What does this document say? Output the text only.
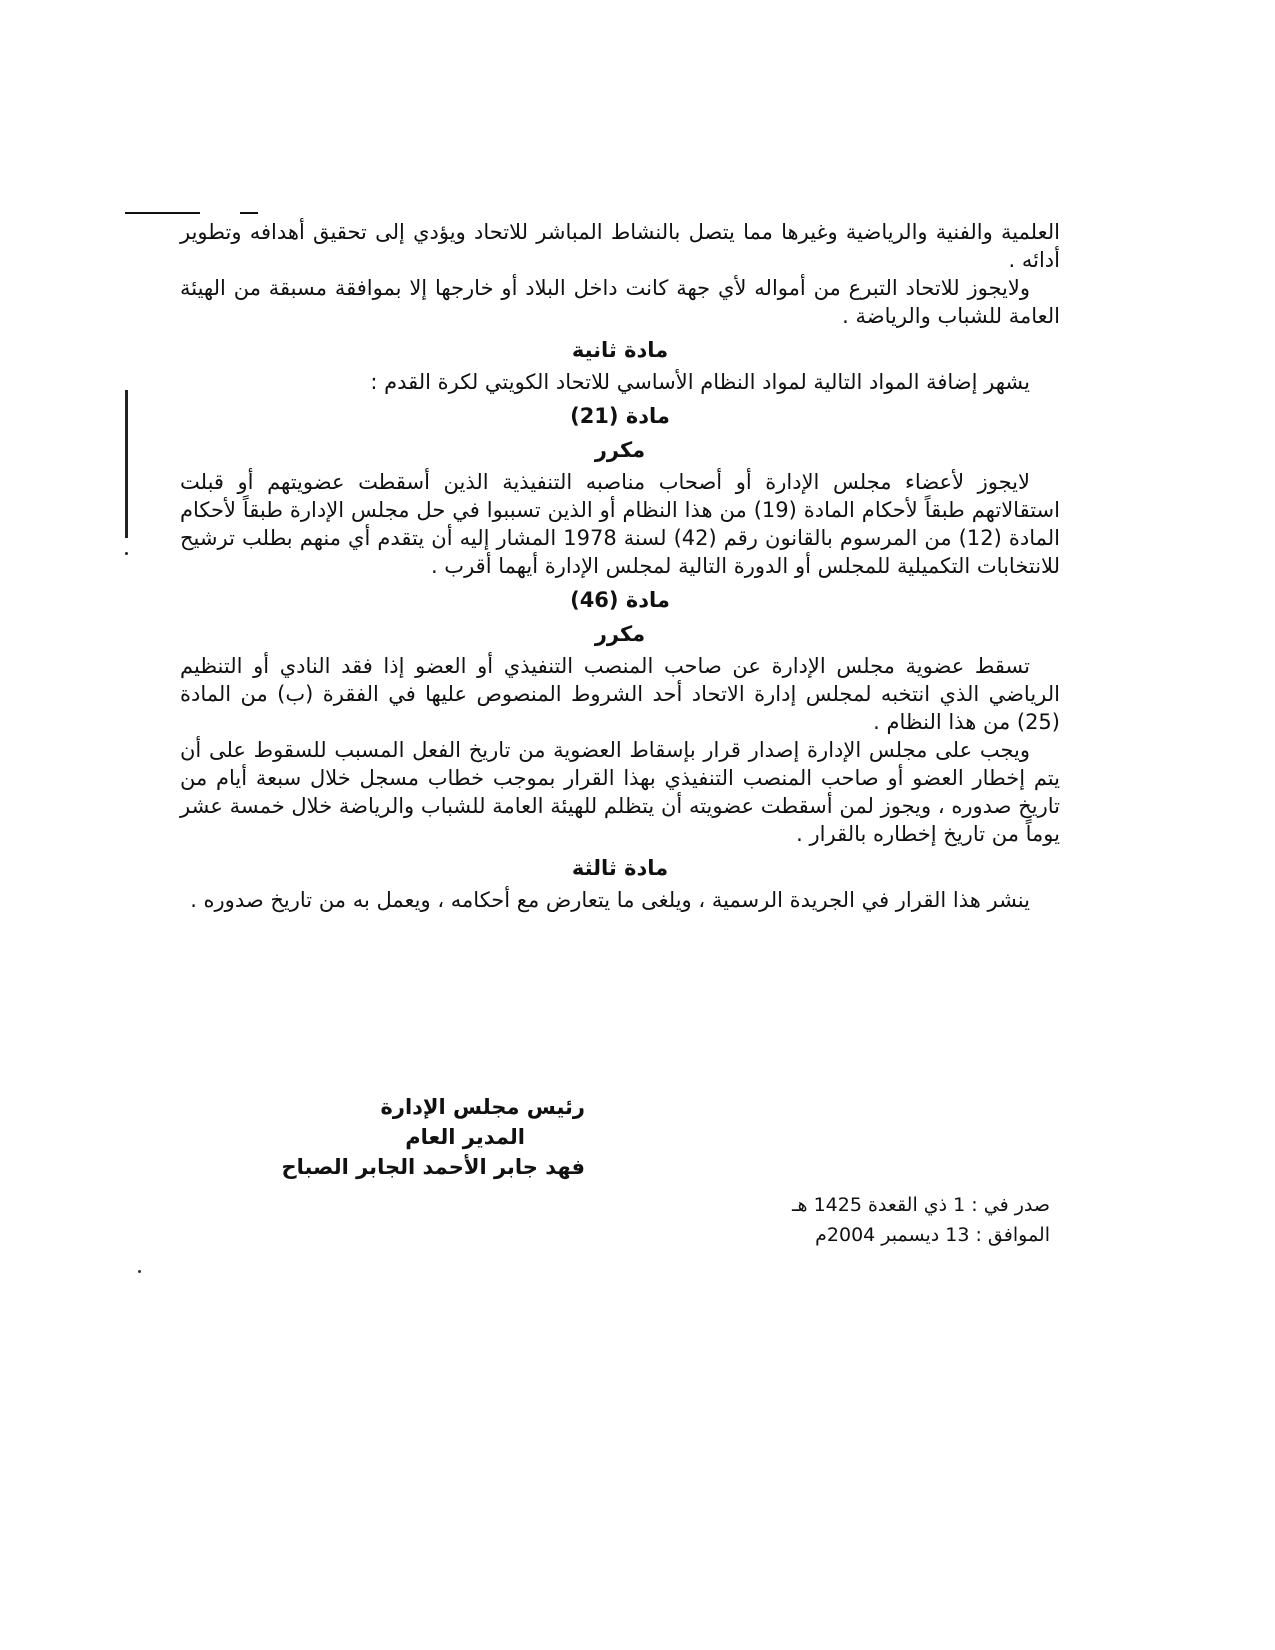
العلمية والفنية والرياضية وغيرها مما يتصل بالنشاط المباشر للاتحاد ويؤدي إلى تحقيق أهدافه وتطوير أدائه .

ولايجوز للاتحاد التبرع من أمواله لأي جهة كانت داخل البلاد أو خارجها إلا بموافقة مسبقة من الهيئة العامة للشباب والرياضة .

مادة ثانية

يشهر إضافة المواد التالية لمواد النظام الأساسي للاتحاد الكويتي لكرة القدم :

مادة (21)
مكرر

لايجوز لأعضاء مجلس الإدارة أو أصحاب مناصبه التنفيذية الذين أسقطت عضويتهم أو قبلت استقالاتهم طبقاً لأحكام المادة (19) من هذا النظام أو الذين تسببوا في حل مجلس الإدارة طبقاً لأحكام المادة (12) من المرسوم بالقانون رقم (42) لسنة 1978 المشار إليه أن يتقدم أي منهم بطلب ترشيح للانتخابات التكميلية للمجلس أو الدورة التالية لمجلس الإدارة أيهما أقرب .

مادة (46)
مكرر

تسقط عضوية مجلس الإدارة عن صاحب المنصب التنفيذي أو العضو إذا فقد النادي أو التنظيم الرياضي الذي انتخبه لمجلس إدارة الاتحاد أحد الشروط المنصوص عليها في الفقرة (ب) من المادة (25) من هذا النظام .

ويجب على مجلس الإدارة إصدار قرار بإسقاط العضوية من تاريخ الفعل المسبب للسقوط على أن يتم إخطار العضو أو صاحب المنصب التنفيذي بهذا القرار بموجب خطاب مسجل خلال سبعة أيام من تاريخ صدوره ، ويجوز لمن أسقطت عضويته أن يتظلم للهيئة العامة للشباب والرياضة خلال خمسة عشر يوماً من تاريخ إخطاره بالقرار .

مادة ثالثة

ينشر هذا القرار في الجريدة الرسمية ، ويلغى ما يتعارض مع أحكامه ، ويعمل به من تاريخ صدوره .

رئيس مجلس الإدارة
المدير العام
فهد جابر الأحمد الجابر الصباح
صدر في : 1 ذي القعدة 1425 هـ
الموافق : 13 ديسمبر 2004م
